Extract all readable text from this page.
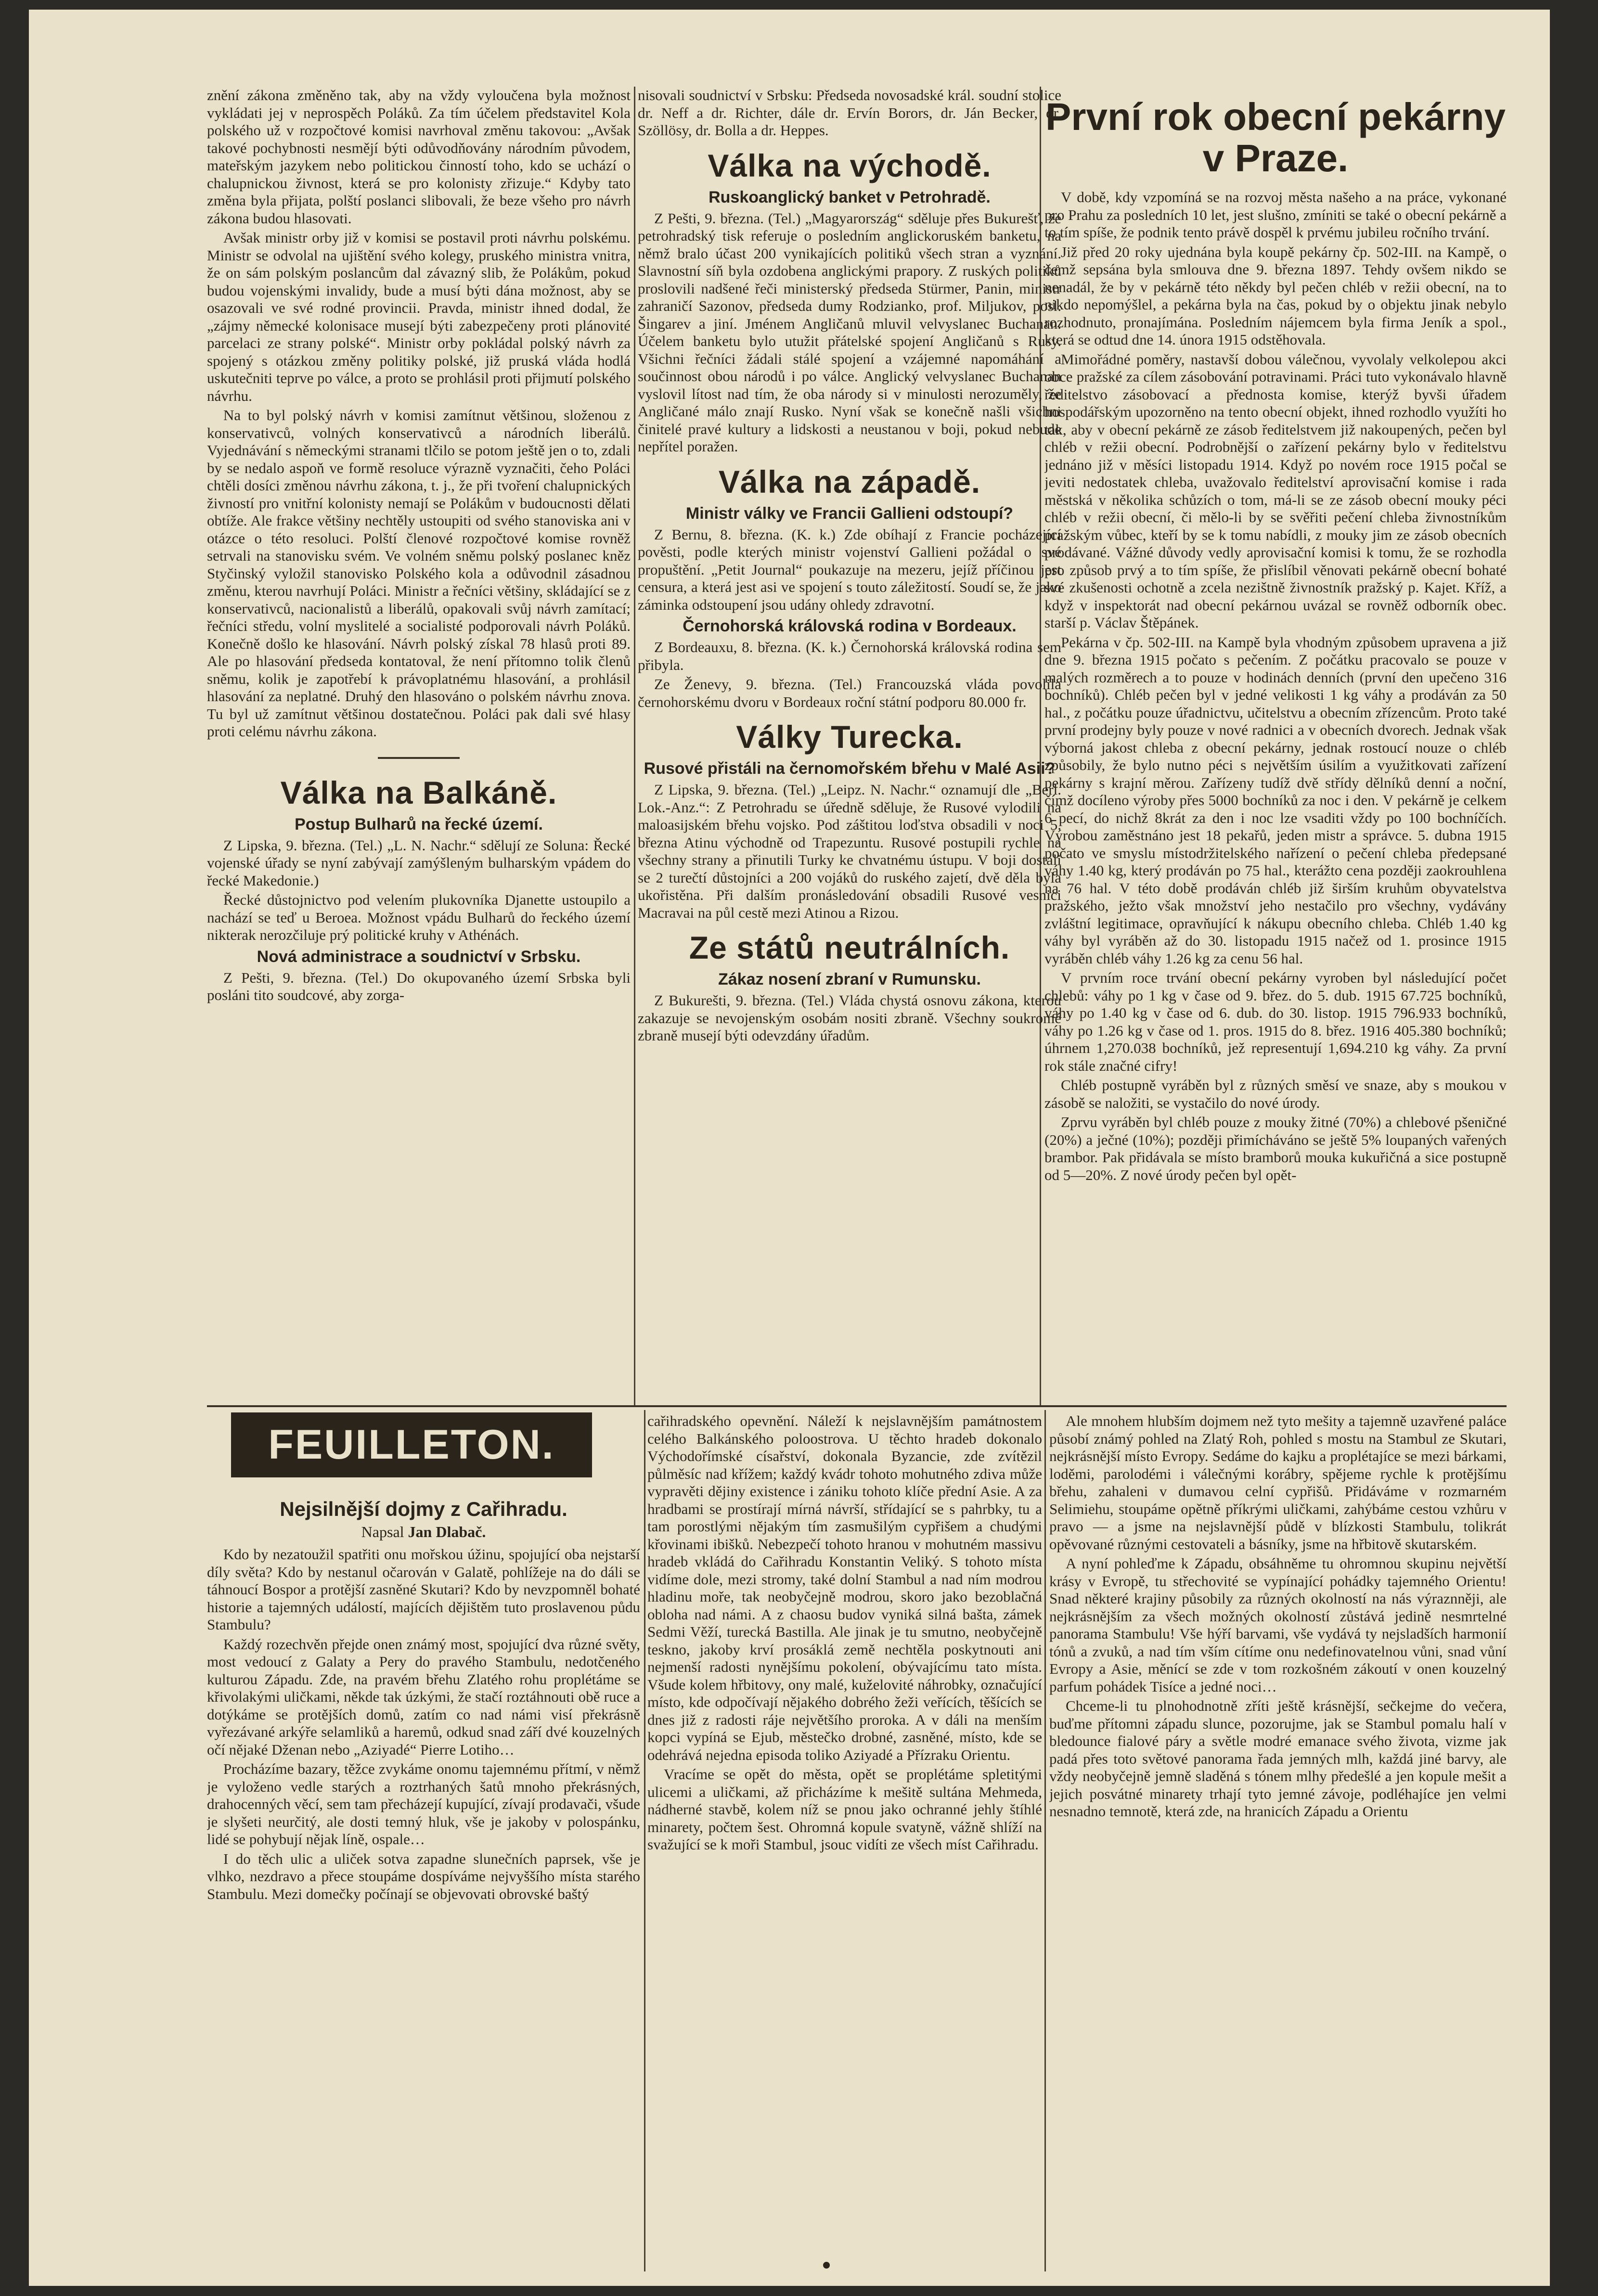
znění zákona změněno tak, aby na vždy vyloučena byla možnost vykládati jej v neprospěch Poláků. Za tím účelem představitel Kola polského už v rozpočtové komisi navrhoval změnu takovou: „Avšak takové pochybnosti nesmějí býti odůvodňovány národním původem, mateřským jazykem nebo politickou činností toho, kdo se uchází o chalupnickou živnost, která se pro kolonisty zřizuje.“ Kdyby tato změna byla přijata, polští poslanci slibovali, že beze všeho pro návrh zákona budou hlasovati.

Avšak ministr orby již v komisi se postavil proti návrhu polskému. Ministr se odvolal na ujištění svého kolegy, pruského ministra vnitra, že on sám polským poslancům dal závazný slib, že Polákům, pokud budou vojenskými invalidy, bude a musí býti dána možnost, aby se osazovali ve své rodné provincii. Pravda, ministr ihned dodal, že „zájmy německé kolonisace musejí býti zabezpečeny proti plánovité parcelaci ze strany polské“. Ministr orby pokládal polský návrh za spojený s otázkou změny politiky polské, již pruská vláda hodlá uskutečniti teprve po válce, a proto se prohlásil proti přijmutí polského návrhu.

Na to byl polský návrh v komisi zamítnut většinou, složenou z konservativců, volných konservativců a národních liberálů. Vyjednávání s německými stranami tlčilo se potom ještě jen o to, zdali by se nedalo aspoň ve formě resoluce výrazně vyznačiti, čeho Poláci chtěli dosíci změnou návrhu zákona, t. j., že při tvoření chalupnických živností pro vnitřní kolonisty nemají se Polákům v budoucnosti dělati obtíže. Ale frakce většiny nechtěly ustoupiti od svého stanoviska ani v otázce o této resoluci. Polští členové rozpočtové komise rovněž setrvali na stanovisku svém. Ve volném sněmu polský poslanec kněz Styčinský vyložil stanovisko Polského kola a odůvodnil zásadnou změnu, kterou navrhují Poláci. Ministr a řečníci většiny, skládající se z konservativců, nacionalistů a liberálů, opakovali svůj návrh zamítací; řečníci středu, volní myslitelé a socialisté podporovali návrh Poláků. Konečně došlo ke hlasování. Návrh polský získal 78 hlasů proti 89. Ale po hlasování předseda kontatoval, že není přítomno tolik členů sněmu, kolik je zapotřebí k právoplatnému hlasování, a prohlásil hlasování za neplatné. Druhý den hlasováno o polském návrhu znova. Tu byl už zamítnut většinou dostatečnou. Poláci pak dali své hlasy proti celému návrhu zákona.

Válka na Balkáně.
Postup Bulharů na řecké území.

Z Lipska, 9. března. (Tel.) „L. N. Nachr.“ sdělují ze Soluna: Řecké vojenské úřady se nyní zabývají zamýšleným bulharským vpádem do řecké Makedonie.)

Řecké důstojnictvo pod velením plukovníka Djanette ustoupilo a nachází se teď u Beroea. Možnost vpádu Bulharů do řeckého území nikterak nerozčiluje prý politické kruhy v Athénách.

Nová administrace a soudnictví v Srbsku.

Z Pešti, 9. března. (Tel.) Do okupovaného území Srbska byli posláni tito soudcové, aby zorga-

nisovali soudnictví v Srbsku: Předseda novosadské král. soudní stolice dr. Neff a dr. Richter, dále dr. Ervín Borors, dr. Ján Becker, dr. Szöllösy, dr. Bolla a dr. Heppes.

Válka na východě.
Ruskoanglický banket v Petrohradě.

Z Pešti, 9. března. (Tel.) „Magyarország“ sděluje přes Bukurešť, že petrohradský tisk referuje o posledním anglickoruském banketu, na němž bralo účast 200 vynikajících politiků všech stran a vyznání. Slavnostní síň byla ozdobena anglickými prapory. Z ruských politiků proslovili nadšené řeči ministerský předseda Stürmer, Panin, ministr zahraničí Sazonov, předseda dumy Rodzianko, prof. Miljukov, posl. Šingarev a jiní. Jménem Angličanů mluvil velvyslanec Buchanan. Účelem banketu bylo utužit přátelské spojení Angličanů s Rusy. Všichni řečníci žádali stálé spojení a vzájemné napomáhání a součinnost obou národů i po válce. Anglický velvyslanec Buchanan vyslovil lítost nad tím, že oba národy si v minulosti nerozuměly, že Angličané málo znají Rusko. Nyní však se konečně našli všichni činitelé pravé kultury a lidskosti a neustanou v boji, pokud nebude nepřítel poražen.

Válka na západě.
Ministr války ve Francii Gallieni odstoupí?

Z Bernu, 8. března. (K. k.) Zde obíhají z Francie pocházející pověsti, podle kterých ministr vojenství Gallieni požádal o své propuštění. „Petit Journal“ poukazuje na mezeru, jejíž příčinou jest censura, a která jest asi ve spojení s touto záležitostí. Soudí se, že jako záminka odstoupení jsou udány ohledy zdravotní.

Černohorská královská rodina v Bordeaux.

Z Bordeauxu, 8. března. (K. k.) Černohorská královská rodina sem přibyla.

Ze Ženevy, 9. března. (Tel.) Francouzská vláda povolila černohorskému dvoru v Bordeaux roční státní podporu 80.000 fr.

Války Turecka.
Rusové přistáli na černomořském břehu v Malé Asii?

Z Lipska, 9. března. (Tel.) „Leipz. N. Nachr.“ oznamují dle „Berl. Lok.-Anz.“: Z Petrohradu se úředně sděluje, že Rusové vylodili na maloasijském břehu vojsko. Pod záštitou loďstva obsadili v noci 5. března Atinu východně od Trapezuntu. Rusové postupili rychle na všechny strany a přinutili Turky ke chvatnému ústupu. V boji dostali se 2 turečtí důstojníci a 200 vojáků do ruského zajetí, dvě děla byla ukořistěna. Při dalším pronásledování obsadili Rusové vesnici Macravai na půl cestě mezi Atinou a Rizou.

Ze států neutrálních.
Zákaz nosení zbraní v Rumunsku.

Z Bukurešti, 9. března. (Tel.) Vláda chystá osnovu zákona, kterou zakazuje se nevojenským osobám nositi zbraně. Všechny soukromé zbraně musejí býti odevzdány úřadům.

První rok obecní pekárny v Praze.

V době, kdy vzpomíná se na rozvoj města našeho a na práce, vykonané pro Prahu za posledních 10 let, jest slušno, zmíniti se také o obecní pekárně a to tím spíše, že podnik tento právě dospěl k prvému jubileu ročního trvání.

Již před 20 roky ujednána byla koupě pekárny čp. 502-III. na Kampě, o čemž sepsána byla smlouva dne 9. března 1897. Tehdy ovšem nikdo se nenadál, že by v pekárně této někdy byl pečen chléb v režii obecní, na to nikdo nepomýšlel, a pekárna byla na čas, pokud by o objektu jinak nebylo rozhodnuto, pronajímána. Posledním nájemcem byla firma Jeník a spol., která se odtud dne 14. února 1915 odstěhovala.

Mimořádné poměry, nastavší dobou válečnou, vyvolaly velkolepou akci obce pražské za cílem zásobování potravinami. Práci tuto vykonávalo hlavně ředitelstvo zásobovací a přednosta komise, kterýž byvši úřadem hospodářským upozorněno na tento obecní objekt, ihned rozhodlo využíti ho tak, aby v obecní pekárně ze zásob ředitelstvem již nakoupených, pečen byl chléb v režii obecní. Podrobnější o zařízení pekárny bylo v ředitelstvu jednáno již v měsíci listopadu 1914. Když po novém roce 1915 počal se jeviti nedostatek chleba, uvažovalo ředitelství aprovisační komise i rada městská v několika schůzích o tom, má-li se ze zásob obecní mouky péci chléb v režii obecní, či mělo-li by se svěřiti pečení chleba živnostníkům pražským vůbec, kteří by se k tomu nabídli, z mouky jim ze zásob obecních prodávané. Vážné důvody vedly aprovisační komisi k tomu, že se rozhodla pro způsob prvý a to tím spíše, že přislíbil věnovati pekárně obecní bohaté své zkušenosti ochotně a zcela nezištně živnostník pražský p. Kajet. Kříž, a když v inspektorát nad obecní pekárnou uvázal se rovněž odborník obec. starší p. Václav Štěpánek.

Pekárna v čp. 502-III. na Kampě byla vhodným způsobem upravena a již dne 9. března 1915 počato s pečením. Z počátku pracovalo se pouze v malých rozměrech a to pouze v hodinách denních (první den upečeno 316 bochníků). Chléb pečen byl v jedné velikosti 1 kg váhy a prodáván za 50 hal., z počátku pouze úřadnictvu, učitelstvu a obecním zřízencům. Proto také první prodejny byly pouze v nové radnici a v obecních dvorech. Jednak však výborná jakost chleba z obecní pekárny, jednak rostoucí nouze o chléb způsobily, že bylo nutno péci s největším úsilím a využitkovati zařízení pekárny s krajní měrou. Zařízeny tudíž dvě střídy dělníků denní a noční, čímž docíleno výroby přes 5000 bochníků za noc i den. V pekárně je celkem 6 pecí, do nichž 8krát za den i noc lze vsaditi vždy po 100 bochníčích. Výrobou zaměstnáno jest 18 pekařů, jeden mistr a správce. 5. dubna 1915 počato ve smyslu místodržitelského nařízení o pečení chleba předepsané váhy 1.40 kg, který prodáván po 75 hal., kterážto cena později zaokrouhlena na 76 hal. V této době prodáván chléb již širším kruhům obyvatelstva pražského, ježto však množství jeho nestačilo pro všechny, vydávány zvláštní legitimace, opravňující k nákupu obecního chleba. Chléb 1.40 kg váhy byl vyráběn až do 30. listopadu 1915 načež od 1. prosince 1915 vyráběn chléb váhy 1.26 kg za cenu 56 hal.

V prvním roce trvání obecní pekárny vyroben byl následující počet chlebů: váhy po 1 kg v čase od 9. břez. do 5. dub. 1915 67.725 bochníků, váhy po 1.40 kg v čase od 6. dub. do 30. listop. 1915 796.933 bochníků, váhy po 1.26 kg v čase od 1. pros. 1915 do 8. břez. 1916 405.380 bochníků; úhrnem 1,270.038 bochníků, jež representují 1,694.210 kg váhy. Za první rok stále značné cifry!

Chléb postupně vyráběn byl z různých směsí ve snaze, aby s moukou v zásobě se naložiti, se vystačilo do nové úrody.

Zprvu vyráběn byl chléb pouze z mouky žitné (70%) a chlebové pšeničné (20%) a ječné (10%); později přimícháváno se ještě 5% loupaných vařených brambor. Pak přidávala se místo bramborů mouka kukuřičná a sice postupně od 5—20%. Z nové úrody pečen byl opět-

FEUILLETON.
Nejsilnější dojmy z Cařihradu.
Napsal Jan Dlabač.

Kdo by nezatoužil spatřiti onu mořskou úžinu, spojující oba nejstarší díly světa? Kdo by nestanul očarován v Galatě, pohlížeje na do dáli se táhnoucí Bospor a protější zasněné Skutari? Kdo by nevzpomněl bohaté historie a tajemných událostí, majících dějištěm tuto proslavenou půdu Stambulu?

Každý rozechvěn přejde onen známý most, spojující dva různé světy, most vedoucí z Galaty a Pery do pravého Stambulu, nedotčeného kulturou Západu. Zde, na pravém břehu Zlatého rohu proplétáme se křivolakými uličkami, někde tak úzkými, že stačí roztáhnouti obě ruce a dotýkáme se protějších domů, zatím co nad námi visí překrásně vyřezávané arkýře selamliků a haremů, odkud snad září dvé kouzelných očí nějaké Dženan nebo „Aziyadé“ Pierre Lotiho…

Procházíme bazary, těžce zvykáme onomu tajemnému přítmí, v němž je vyloženo vedle starých a roztrhaných šatů mnoho překrásných, drahocenných věcí, sem tam přecházejí kupující, zívají prodavači, všude je slyšeti neurčitý, ale dosti temný hluk, vše je jakoby v polospánku, lidé se pohybují nějak líně, ospale…

I do těch ulic a uliček sotva zapadne slunečních paprsek, vše je vlhko, nezdravo a přece stoupáme dospíváme nejvyššího místa starého Stambulu. Mezi domečky počínají se objevovati obrovské baštý

cařihradského opevnění. Náleží k nejslavnějším památnostem celého Balkánského poloostrova. U těchto hradeb dokonalo Východořímské císařství, dokonala Byzancie, zde zvítězil půlměsíc nad křížem; každý kvádr tohoto mohutného zdiva může vypravěti dějiny existence i zániku tohoto klíče přední Asie. A za hradbami se prostírají mírná návrší, střídající se s pahrbky, tu a tam porostlými nějakým tím zasmušilým cypřišem a chudými křovinami ibišků. Nebezpečí tohoto hranou v mohutném massivu hradeb vkládá do Cařihradu Konstantin Veliký. S tohoto místa vidíme dole, mezi stromy, také dolní Stambul a nad ním modrou hladinu moře, tak neobyčejně modrou, skoro jako bezoblačná obloha nad námi. A z chaosu budov vyniká silná bašta, zámek Sedmi Věží, turecká Bastilla. Ale jinak je tu smutno, neobyčejně teskno, jakoby krví prosáklá země nechtěla poskytnouti ani nejmenší radosti nynějšímu pokolení, obývajícímu tato místa. Všude kolem hřbitovy, ony malé, kuželovité náhrobky, označující místo, kde odpočívají nějakého dobrého žeži veřících, těšících se dnes již z radosti ráje největšího proroka. A v dáli na menším kopci vypíná se Ejub, městečko drobné, zasněné, místo, kde se odehrává nejedna episoda toliko Aziyadé a Přízraku Orientu.

Vracíme se opět do města, opět se proplétáme spletitými ulicemi a uličkami, až přicházíme k mešitě sultána Mehmeda, nádherné stavbě, kolem níž se pnou jako ochranné jehly štíhlé minarety, počtem šest. Ohromná kopule svatyně, vážně shlíží na svažující se k moři Stambul, jsouc vidíti ze všech míst Cařihradu.

Ale mnohem hlubším dojmem než tyto mešity a tajemně uzavřené paláce působí známý pohled na Zlatý Roh, pohled s mostu na Stambul ze Skutari, nejkrásnější místo Evropy. Sedáme do kajku a proplétajíce se mezi bárkami, loděmi, parolodémi i válečnými korábry, spějeme rychle k protějšímu břehu, zahaleni v dumavou celní cypřišů. Přidáváme v rozmarném Selimiehu, stoupáme opětně příkrými uličkami, zahýbáme cestou vzhůru v pravo — a jsme na nejslavnější půdě v blízkosti Stambulu, tolikrát opěvované různými cestovateli a básníky, jsme na hřbitově skutarském.

A nyní pohleďme k Západu, obsáhněme tu ohromnou skupinu největší krásy v Evropě, tu střechovité se vypínající pohádky tajemného Orientu! Snad některé krajiny působily za různých okolností na nás výraznněji, ale nejkrásnějším za všech možných okolností zůstává jedině nesmrtelné panorama Stambulu! Vše hýří barvami, vše vydává ty nejsladších harmonií tónů a zvuků, a nad tím vším cítíme onu nedefinovatelnou vůni, snad vůní Evropy a Asie, měnící se zde v tom rozkošném zákoutí v onen kouzelný parfum pohádek Tisíce a jedné noci…

Chceme-li tu plnohodnotně zříti ještě krásnější, sečkejme do večera, buďme přítomni západu slunce, pozorujme, jak se Stambul pomalu halí v bledounce fialové páry a světle modré emanace svého života, vizme jak padá přes toto světové panorama řada jemných mlh, každá jiné barvy, ale vždy neobyčejně jemně sladěná s tónem mlhy předešlé a jen kopule mešit a jejich posvátné minarety trhají tyto jemné závoje, podléhajíce jen velmi nesnadno temnotě, která zde, na hranicích Západu a Orientu
